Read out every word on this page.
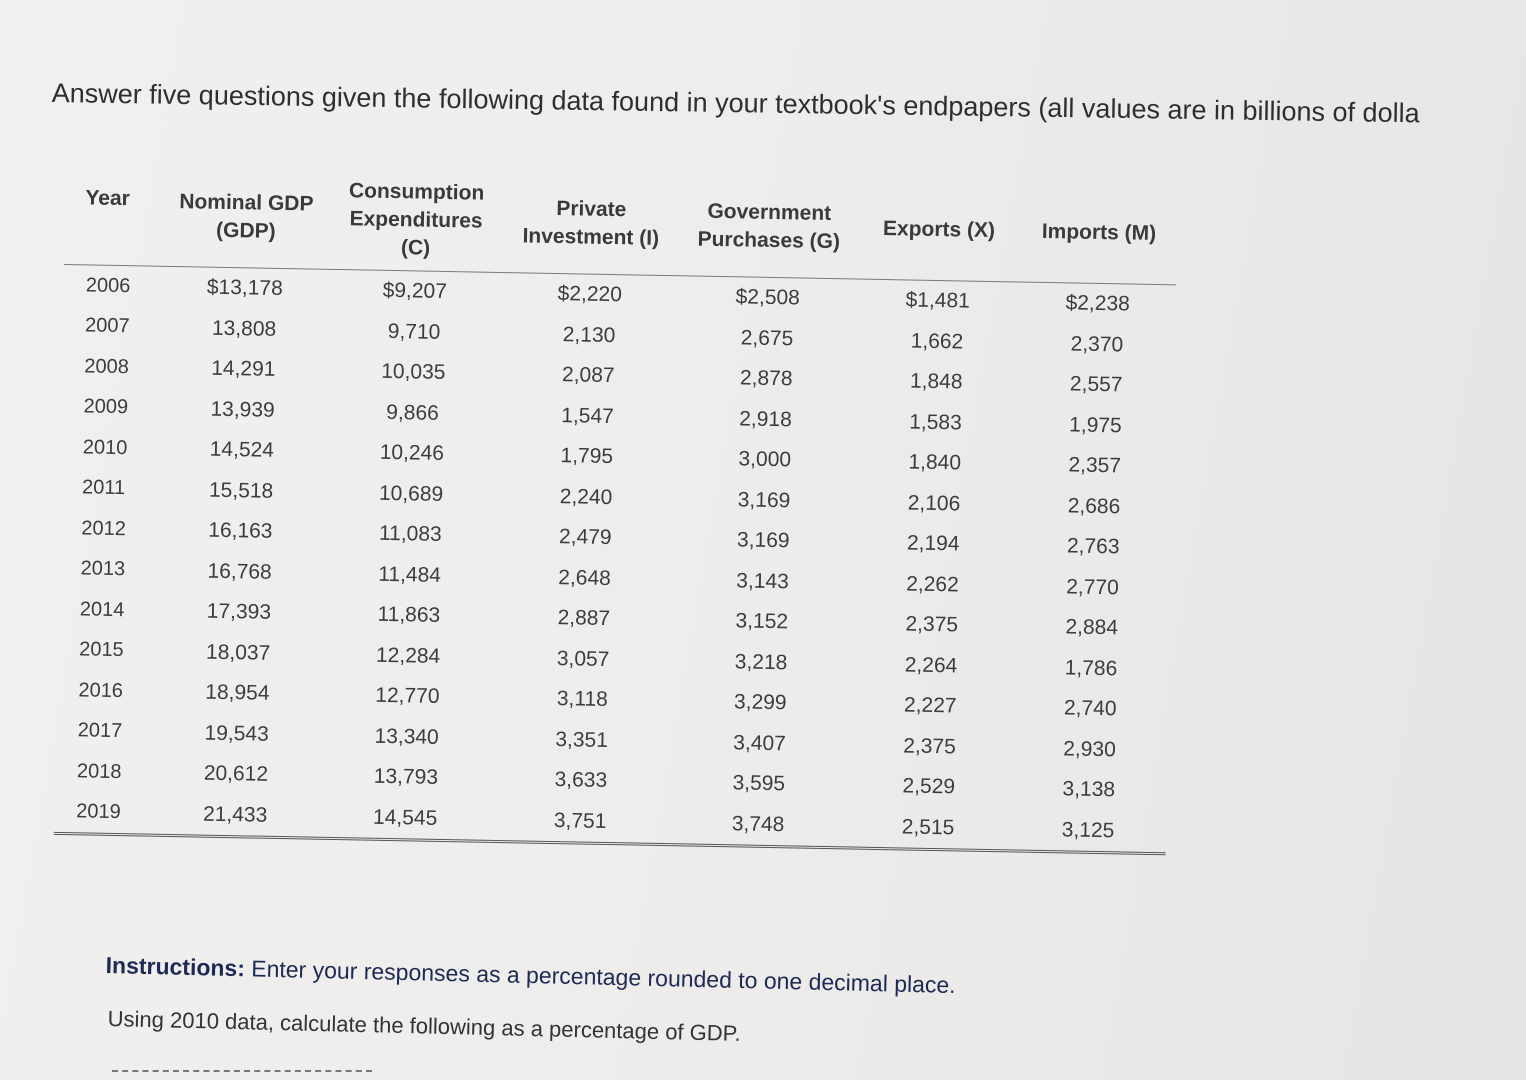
Answer five questions given the following data found in your textbook's endpapers (all values are in billions of dolla
Year	Nominal GDP (GDP)	Consumption Expenditures (C)	Private Investment (I)	Government Purchases (G)	Exports (X)	Imports (M)
2006	$13,178	$9,207	$2,220	$2,508	$1,481	$2,238
2007	13,808	9,710	2,130	2,675	1,662	2,370
2008	14,291	10,035	2,087	2,878	1,848	2,557
2009	13,939	9,866	1,547	2,918	1,583	1,975
2010	14,524	10,246	1,795	3,000	1,840	2,357
2011	15,518	10,689	2,240	3,169	2,106	2,686
2012	16,163	11,083	2,479	3,169	2,194	2,763
2013	16,768	11,484	2,648	3,143	2,262	2,770
2014	17,393	11,863	2,887	3,152	2,375	2,884
2015	18,037	12,284	3,057	3,218	2,264	1,786
2016	18,954	12,770	3,118	3,299	2,227	2,740
2017	19,543	13,340	3,351	3,407	2,375	2,930
2018	20,612	13,793	3,633	3,595	2,529	3,138
2019	21,433	14,545	3,751	3,748	2,515	3,125
Instructions: Enter your responses as a percentage rounded to one decimal place.
Using 2010 data, calculate the following as a percentage of GDP.
